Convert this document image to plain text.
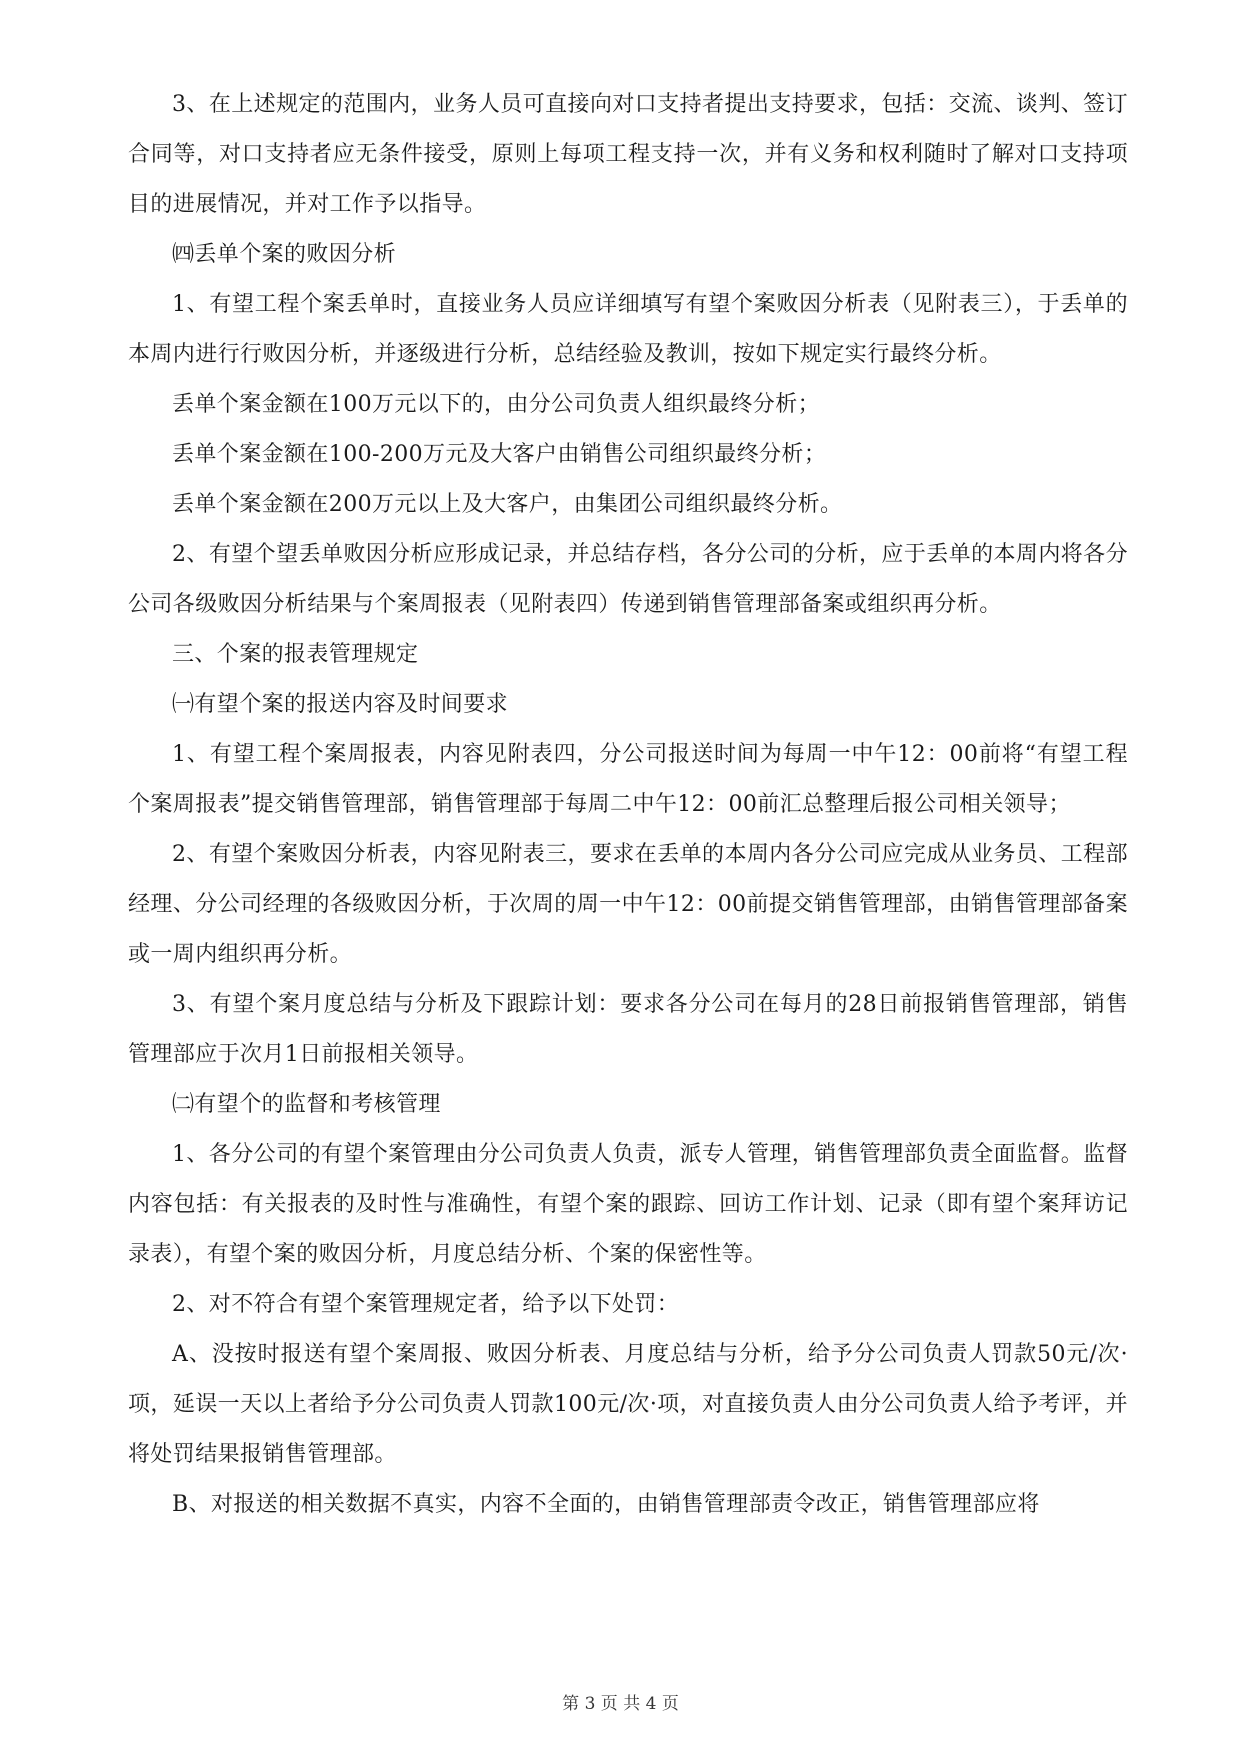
3、在上述规定的范围内，业务人员可直接向对口支持者提出支持要求，包括：交流、谈判、签订合同等，对口支持者应无条件接受，原则上每项工程支持一次，并有义务和权利随时了解对口支持项目的进展情况，并对工作予以指导。

㈣丢单个案的败因分析

1、有望工程个案丢单时，直接业务人员应详细填写有望个案败因分析表（见附表三），于丢单的本周内进行行败因分析，并逐级进行分析，总结经验及教训，按如下规定实行最终分析。

丢单个案金额在100万元以下的，由分公司负责人组织最终分析；

丢单个案金额在100-200万元及大客户由销售公司组织最终分析；

丢单个案金额在200万元以上及大客户，由集团公司组织最终分析。

2、有望个望丢单败因分析应形成记录，并总结存档，各分公司的分析，应于丢单的本周内将各分公司各级败因分析结果与个案周报表（见附表四）传递到销售管理部备案或组织再分析。

三、个案的报表管理规定

㈠有望个案的报送内容及时间要求

1、有望工程个案周报表，内容见附表四，分公司报送时间为每周一中午12：00前将“有望工程个案周报表”提交销售管理部，销售管理部于每周二中午12：00前汇总整理后报公司相关领导；

2、有望个案败因分析表，内容见附表三，要求在丢单的本周内各分公司应完成从业务员、工程部经理、分公司经理的各级败因分析，于次周的周一中午12：00前提交销售管理部，由销售管理部备案或一周内组织再分析。

3、有望个案月度总结与分析及下跟踪计划：要求各分公司在每月的28日前报销售管理部，销售管理部应于次月1日前报相关领导。

㈡有望个的监督和考核管理

1、各分公司的有望个案管理由分公司负责人负责，派专人管理，销售管理部负责全面监督。监督内容包括：有关报表的及时性与准确性，有望个案的跟踪、回访工作计划、记录（即有望个案拜访记录表），有望个案的败因分析，月度总结分析、个案的保密性等。

2、对不符合有望个案管理规定者，给予以下处罚：

A、没按时报送有望个案周报、败因分析表、月度总结与分析，给予分公司负责人罚款50元/次·项，延误一天以上者给予分公司负责人罚款100元/次·项，对直接负责人由分公司负责人给予考评，并将处罚结果报销售管理部。

B、对报送的相关数据不真实，内容不全面的，由销售管理部责令改正，销售管理部应将

第 3 页 共 4 页
